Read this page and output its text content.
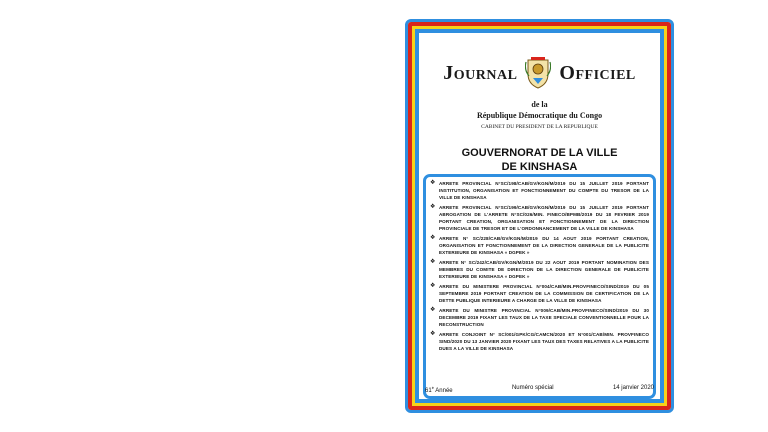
Journal Officiel
de la
République Démocratique du Congo
CABINET DU PRESIDENT DE LA REPUBLIQUE
GOUVERNORAT DE LA VILLE
DE KINSHASA
❖ ARRETE PROVINCIAL N°SC/198/CAB/GV/KGN/M/2019 DU 15 JUILLET 2019 PORTANT INSTITUTION, ORGANISATION ET FONCTIONNEMENT DU COMPTE DU TRESOR DE LA VILLE DE KINSHASA
❖ ARRETE PROVINCIAL N°SC/199/CAB/GV/KGN/M/2019 DU 15 JUILLET 2019 PORTANT ABROGATION DE L'ARRETE N°SC/026/MIN. FINECO/BPMB/2019 DU 18 FEVRIER 2019 PORTANT CREATION, ORGANISATION ET FONCTIONNEMENT DE LA DIRECTION PROVINCIALE DE TRESOR ET DE L'ORDONNANCEMENT DE LA VILLE DE KINSHASA
❖ ARRETE N° SC/228/CAB/GV/KGN/M/2019 DU 14 AOUT 2019 PORTANT CREATION, ORGANISATION ET FONCTIONNEMENT DE LA DIRECTION GENERALE DE LA PUBLICITE EXTERIEURE DE KINSHASA « DGPEK »
❖ ARRETE N° SC/242/CAB/GV/KGN/M/2019 DU 22 AOUT 2019 PORTANT NOMINATION DES MEMBRES DU COMITE DE DIRECTION DE LA DIRECTION GENERALE DE PUBLICITE EXTERIEURE DE KINSHASA « DGPEK »
❖ ARRETE DU MINISTERE PROVINCIAL N°004/CAB/MIN.PROVFINECO/SIND/2019 DU 05 SEPTEMBRE 2019 PORTANT CREATION DE LA COMMISSION DE CERTIFICATION DE LA DETTE PUBLIQUE INTERIEURE A CHARGE DE LA VILLE DE KINSHASA
❖ ARRETE DU MINISTRE PROVINCIAL N°009/CAB/MIN.PROVFINECO/SIND/2019 DU 30 DECEMBRE 2019 FIXANT LES TAUX DE LA TAXE SPECIALE CONVENTIONNELLE POUR LA RECONSTRUCTION
❖ ARRETE CONJOINT N° SC/001/GPK/CG/CAMCN/2020 ET N°001/CAB/MIN. PROVFINECO SIND/2020 DU 13 JANVIER 2020 FIXANT LES TAUX DES TAXES RELATIVES A LA PUBLICITE DUES A LA VILLE DE KINSHASA
$61^è$ Année	Numéro spécial	14 janvier 2020
